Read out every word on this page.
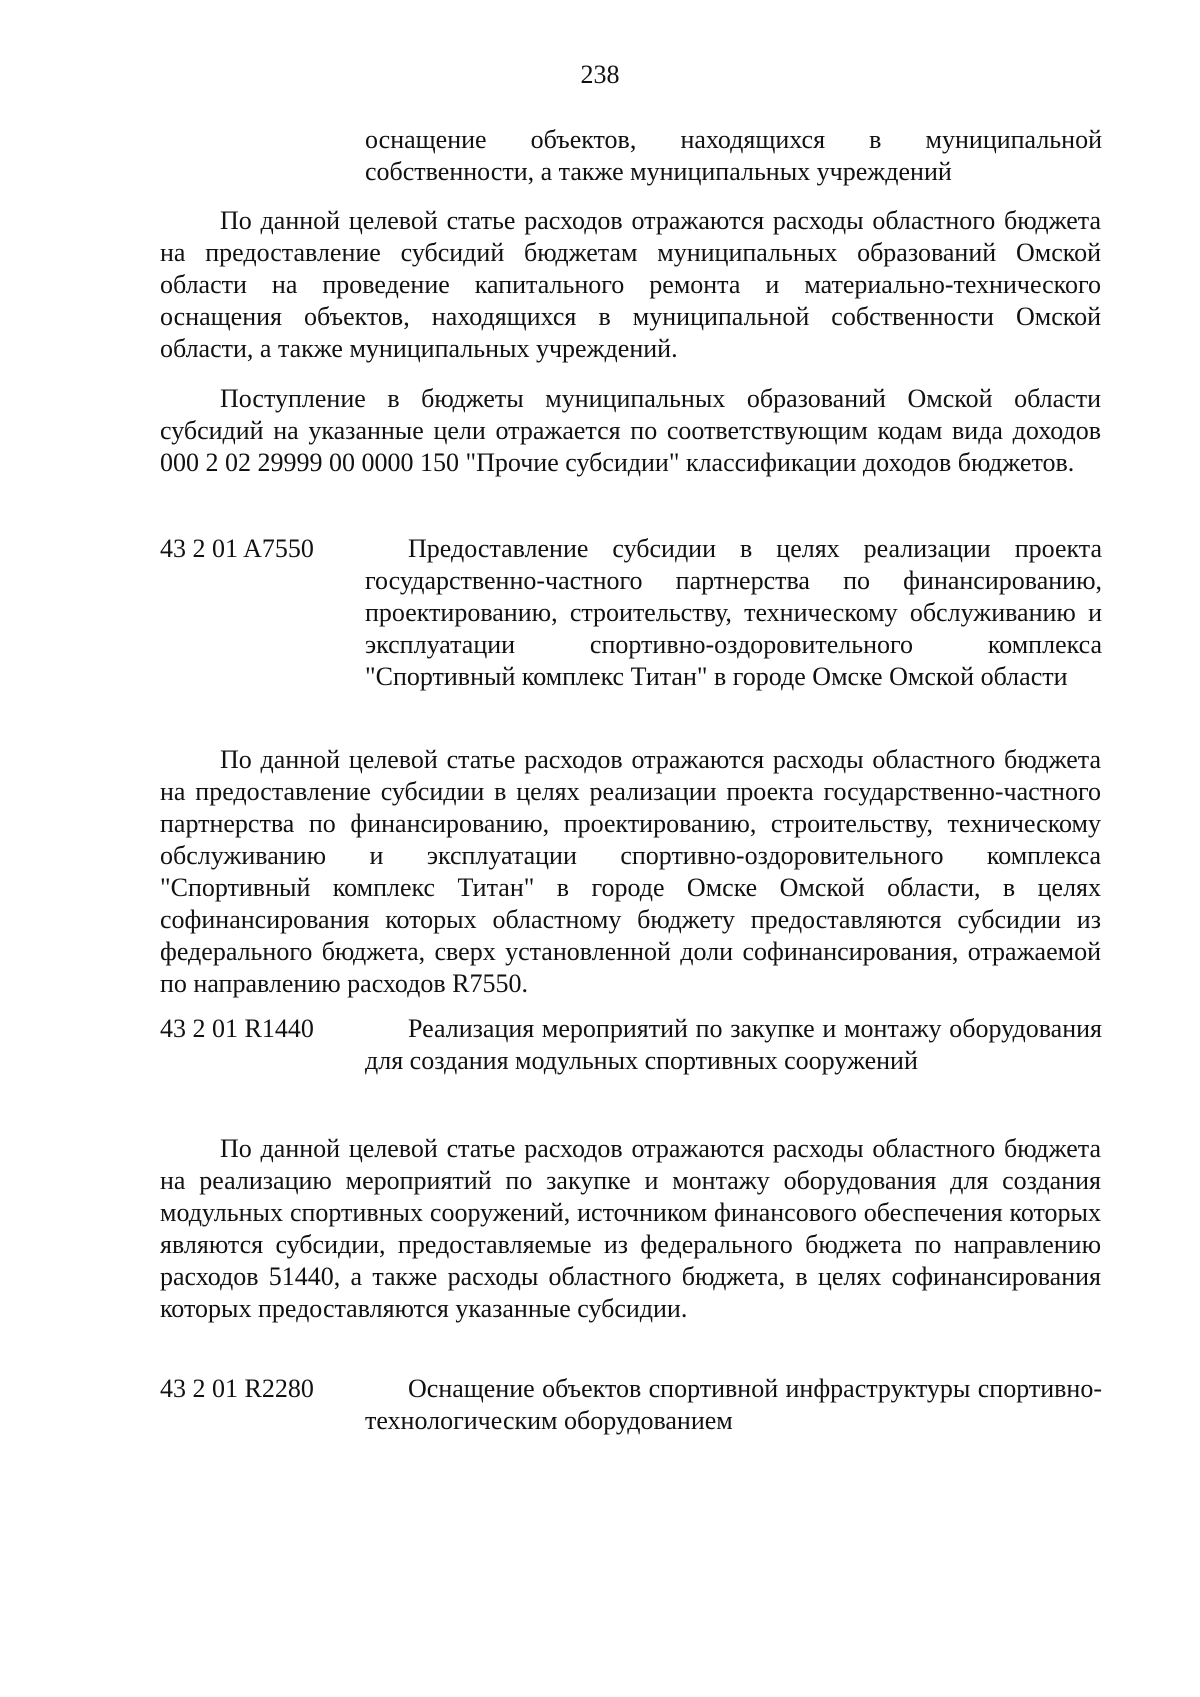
238
оснащение объектов, находящихся в муниципальной собственности, а также муниципальных учреждений
По данной целевой статье расходов отражаются расходы областного бюджета на предоставление субсидий бюджетам муниципальных образований Омской области на проведение капитального ремонта и материально-технического оснащения объектов, находящихся в муниципальной собственности Омской области, а также муниципальных учреждений.
Поступление в бюджеты муниципальных образований Омской области субсидий на указанные цели отражается по соответствующим кодам вида доходов 000 2 02 29999 00 0000 150 "Прочие субсидии" классификации доходов бюджетов.
43 2 01 A7550	Предоставление субсидии в целях реализации проекта государственно-частного партнерства по финансированию, проектированию, строительству, техническому обслуживанию и эксплуатации спортивно-оздоровительного комплекса "Спортивный комплекс Титан" в городе Омске Омской области
По данной целевой статье расходов отражаются расходы областного бюджета на предоставление субсидии в целях реализации проекта государственно-частного партнерства по финансированию, проектированию, строительству, техническому обслуживанию и эксплуатации спортивно-оздоровительного комплекса "Спортивный комплекс Титан" в городе Омске Омской области, в целях софинансирования которых областному бюджету предоставляются субсидии из федерального бюджета, сверх установленной доли софинансирования, отражаемой по направлению расходов R7550.
43 2 01 R1440	Реализация мероприятий по закупке и монтажу оборудования для создания модульных спортивных сооружений
По данной целевой статье расходов отражаются расходы областного бюджета на реализацию мероприятий по закупке и монтажу оборудования для создания модульных спортивных сооружений, источником финансового обеспечения которых являются субсидии, предоставляемые из федерального бюджета по направлению расходов 51440, а также расходы областного бюджета, в целях софинансирования которых предоставляются указанные субсидии.
43 2 01 R2280	Оснащение объектов спортивной инфраструктуры спортивно-технологическим оборудованием
